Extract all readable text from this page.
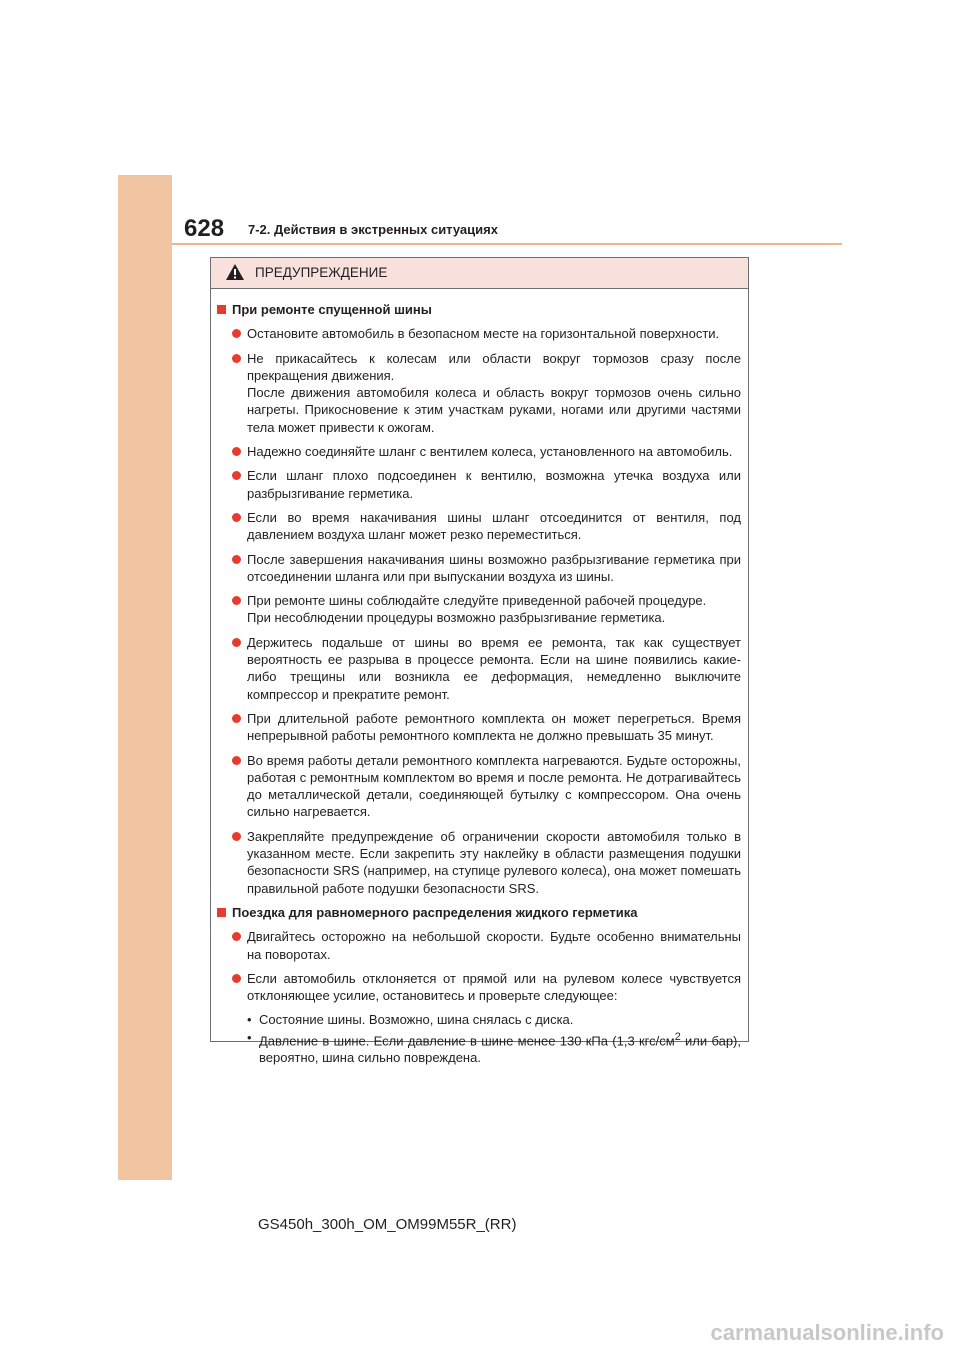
628 7-2. Действия в экстренных ситуациях
ПРЕДУПРЕЖДЕНИЕ
При ремонте спущенной шины
Остановите автомобиль в безопасном месте на горизонтальной поверхности.
Не прикасайтесь к колесам или области вокруг тормозов сразу после прекращения движения.
После движения автомобиля колеса и область вокруг тормозов очень сильно нагреты. Прикосновение к этим участкам руками, ногами или другими частями тела может привести к ожогам.
Надежно соединяйте шланг с вентилем колеса, установленного на автомобиль.
Если шланг плохо подсоединен к вентилю, возможна утечка воздуха или разбрызгивание герметика.
Если во время накачивания шины шланг отсоединится от вентиля, под давлением воздуха шланг может резко переместиться.
После завершения накачивания шины возможно разбрызгивание герметика при отсоединении шланга или при выпускании воздуха из шины.
При ремонте шины соблюдайте следуйте приведенной рабочей процедуре.
При несоблюдении процедуры возможно разбрызгивание герметика.
Держитесь подальше от шины во время ее ремонта, так как существует вероятность ее разрыва в процессе ремонта. Если на шине появились какие-либо трещины или возникла ее деформация, немедленно выключите компрессор и прекратите ремонт.
При длительной работе ремонтного комплекта он может перегреться. Время непрерывной работы ремонтного комплекта не должно превышать 35 минут.
Во время работы детали ремонтного комплекта нагреваются. Будьте осторожны, работая с ремонтным комплектом во время и после ремонта. Не дотрагивайтесь до металлической детали, соединяющей бутылку с компрессором. Она очень сильно нагревается.
Закрепляйте предупреждение об ограничении скорости автомобиля только в указанном месте. Если закрепить эту наклейку в области размещения подушки безопасности SRS (например, на ступице рулевого колеса), она может помешать правильной работе подушки безопасности SRS.
Поездка для равномерного распределения жидкого герметика
Двигайтесь осторожно на небольшой скорости. Будьте особенно внимательны на поворотах.
Если автомобиль отклоняется от прямой или на рулевом колесе чувствуется отклоняющее усилие, остановитесь и проверьте следующее:
• Состояние шины. Возможно, шина снялась с диска.
• Давление в шине. Если давление в шине менее 130 кПа (1,3 кгс/$см^2$ или бар), вероятно, шина сильно повреждена.
GS450h_300h_OM_OM99M55R_(RR)
carmanualsonline.info
